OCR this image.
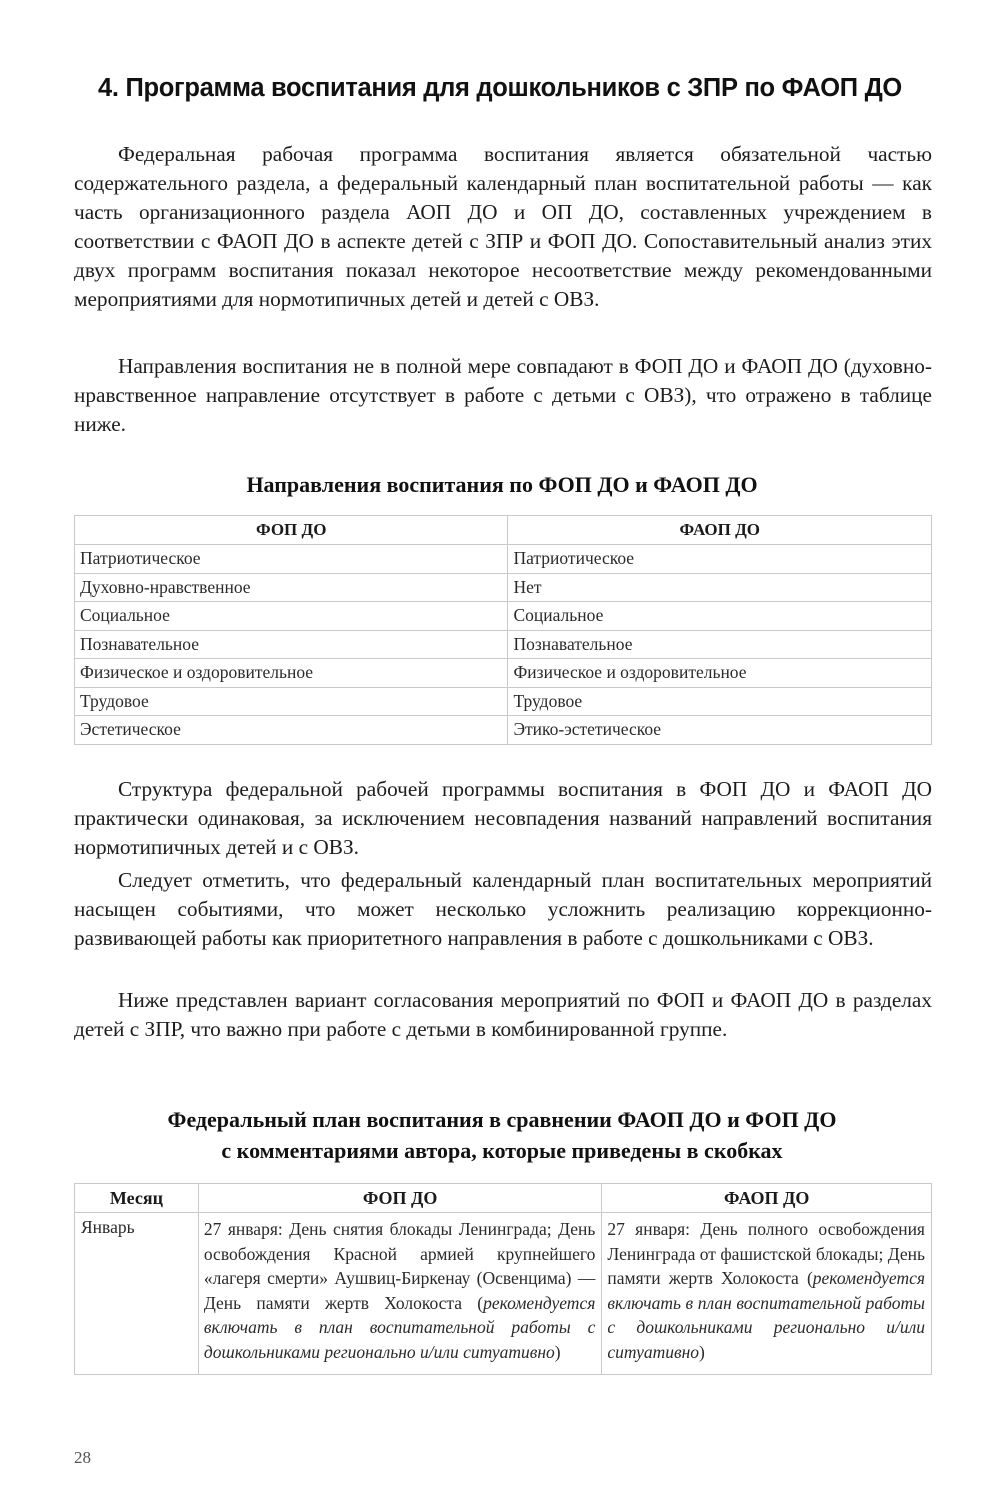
4. Программа воспитания для дошкольников с ЗПР по ФАОП ДО

Федеральная рабочая программа воспитания является обязательной частью содержательного раздела, а федеральный календарный план воспитательной работы — как часть организационного раздела АОП ДО и ОП ДО, составленных учреждением в соответствии с ФАОП ДО в аспекте детей с ЗПР и ФОП ДО. Сопоставительный анализ этих двух программ воспитания показал некоторое несоответствие между рекомендованными мероприятиями для нормотипичных детей и детей с ОВЗ.

Направления воспитания не в полной мере совпадают в ФОП ДО и ФАОП ДО (духовно-нравственное направление отсутствует в работе с детьми с ОВЗ), что отражено в таблице ниже.

Направления воспитания по ФОП ДО и ФАОП ДО

ФОП ДО	ФАОП ДО
Патриотическое	Патриотическое
Духовно-нравственное	Нет
Социальное	Социальное
Познавательное	Познавательное
Физическое и оздоровительное	Физическое и оздоровительное
Трудовое	Трудовое
Эстетическое	Этико-эстетическое

Структура федеральной рабочей программы воспитания в ФОП ДО и ФАОП ДО практически одинаковая, за исключением несовпадения названий направлений воспитания нормотипичных детей и с ОВЗ.

Следует отметить, что федеральный календарный план воспитательных мероприятий насыщен событиями, что может несколько усложнить реализацию коррекционно-развивающей работы как приоритетного направления в работе с дошкольниками с ОВЗ.

Ниже представлен вариант согласования мероприятий по ФОП и ФАОП ДО в разделах детей с ЗПР, что важно при работе с детьми в комбинированной группе.

Федеральный план воспитания в сравнении ФАОП ДО и ФОП ДО

с комментариями автора, которые приведены в скобках

Месяц	ФОП ДО	ФАОП ДО
Январь	27 января: День снятия блокады Ленинграда; День освобождения Красной армией крупнейшего «лагеря смерти» Аушвиц-Биркенау (Освенцима) — День памяти жертв Холокоста (рекомендуется включать в план воспитательной работы с дошкольниками регионально и/или ситуативно)	27 января: День полного освобождения Ленинграда от фашистской блокады; День памяти жертв Холокоста (рекомендуется включать в план воспитательной работы с дошкольниками регионально и/или ситуативно)

28
